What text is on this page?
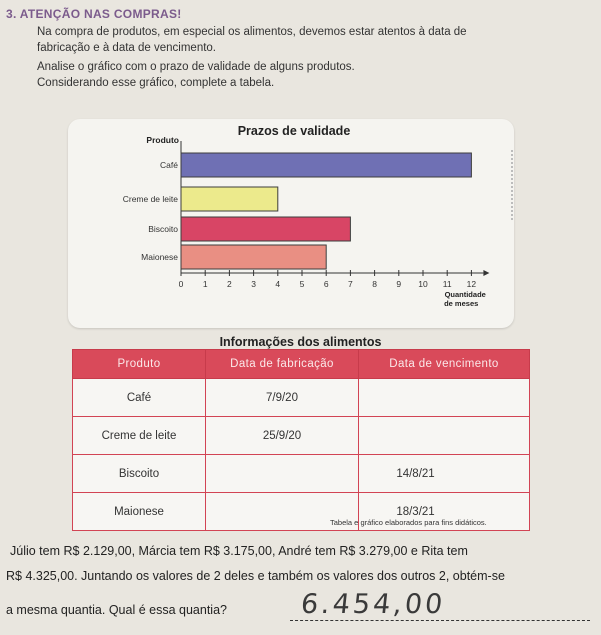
3. ATENÇÃO NAS COMPRAS!
Na compra de produtos, em especial os alimentos, devemos estar atentos à data de
fabricação e à data de vencimento.
Analise o gráfico com o prazo de validade de alguns produtos.
Considerando esse gráfico, complete a tabela.
Prazos de validade
Produto
Café
Creme de leite
Biscoito
Maionese
0 1 2 3 4 5 6 7 8 9 10 11 12
Quantidade
de meses
Informações dos alimentos
Produto	Data de fabricação	Data de vencimento
Café	7/9/20	
Creme de leite	25/9/20	
Biscoito		14/8/21
Maionese		18/3/21
Tabela e gráfico elaborados para fins didáticos.
Júlio tem R$ 2.129,00, Márcia tem R$ 3.175,00, André tem R$ 3.279,00 e Rita tem
R$ 4.325,00. Juntando os valores de 2 deles e também os valores dos outros 2, obtém-se
a mesma quantia. Qual é essa quantia?	6.454,00
